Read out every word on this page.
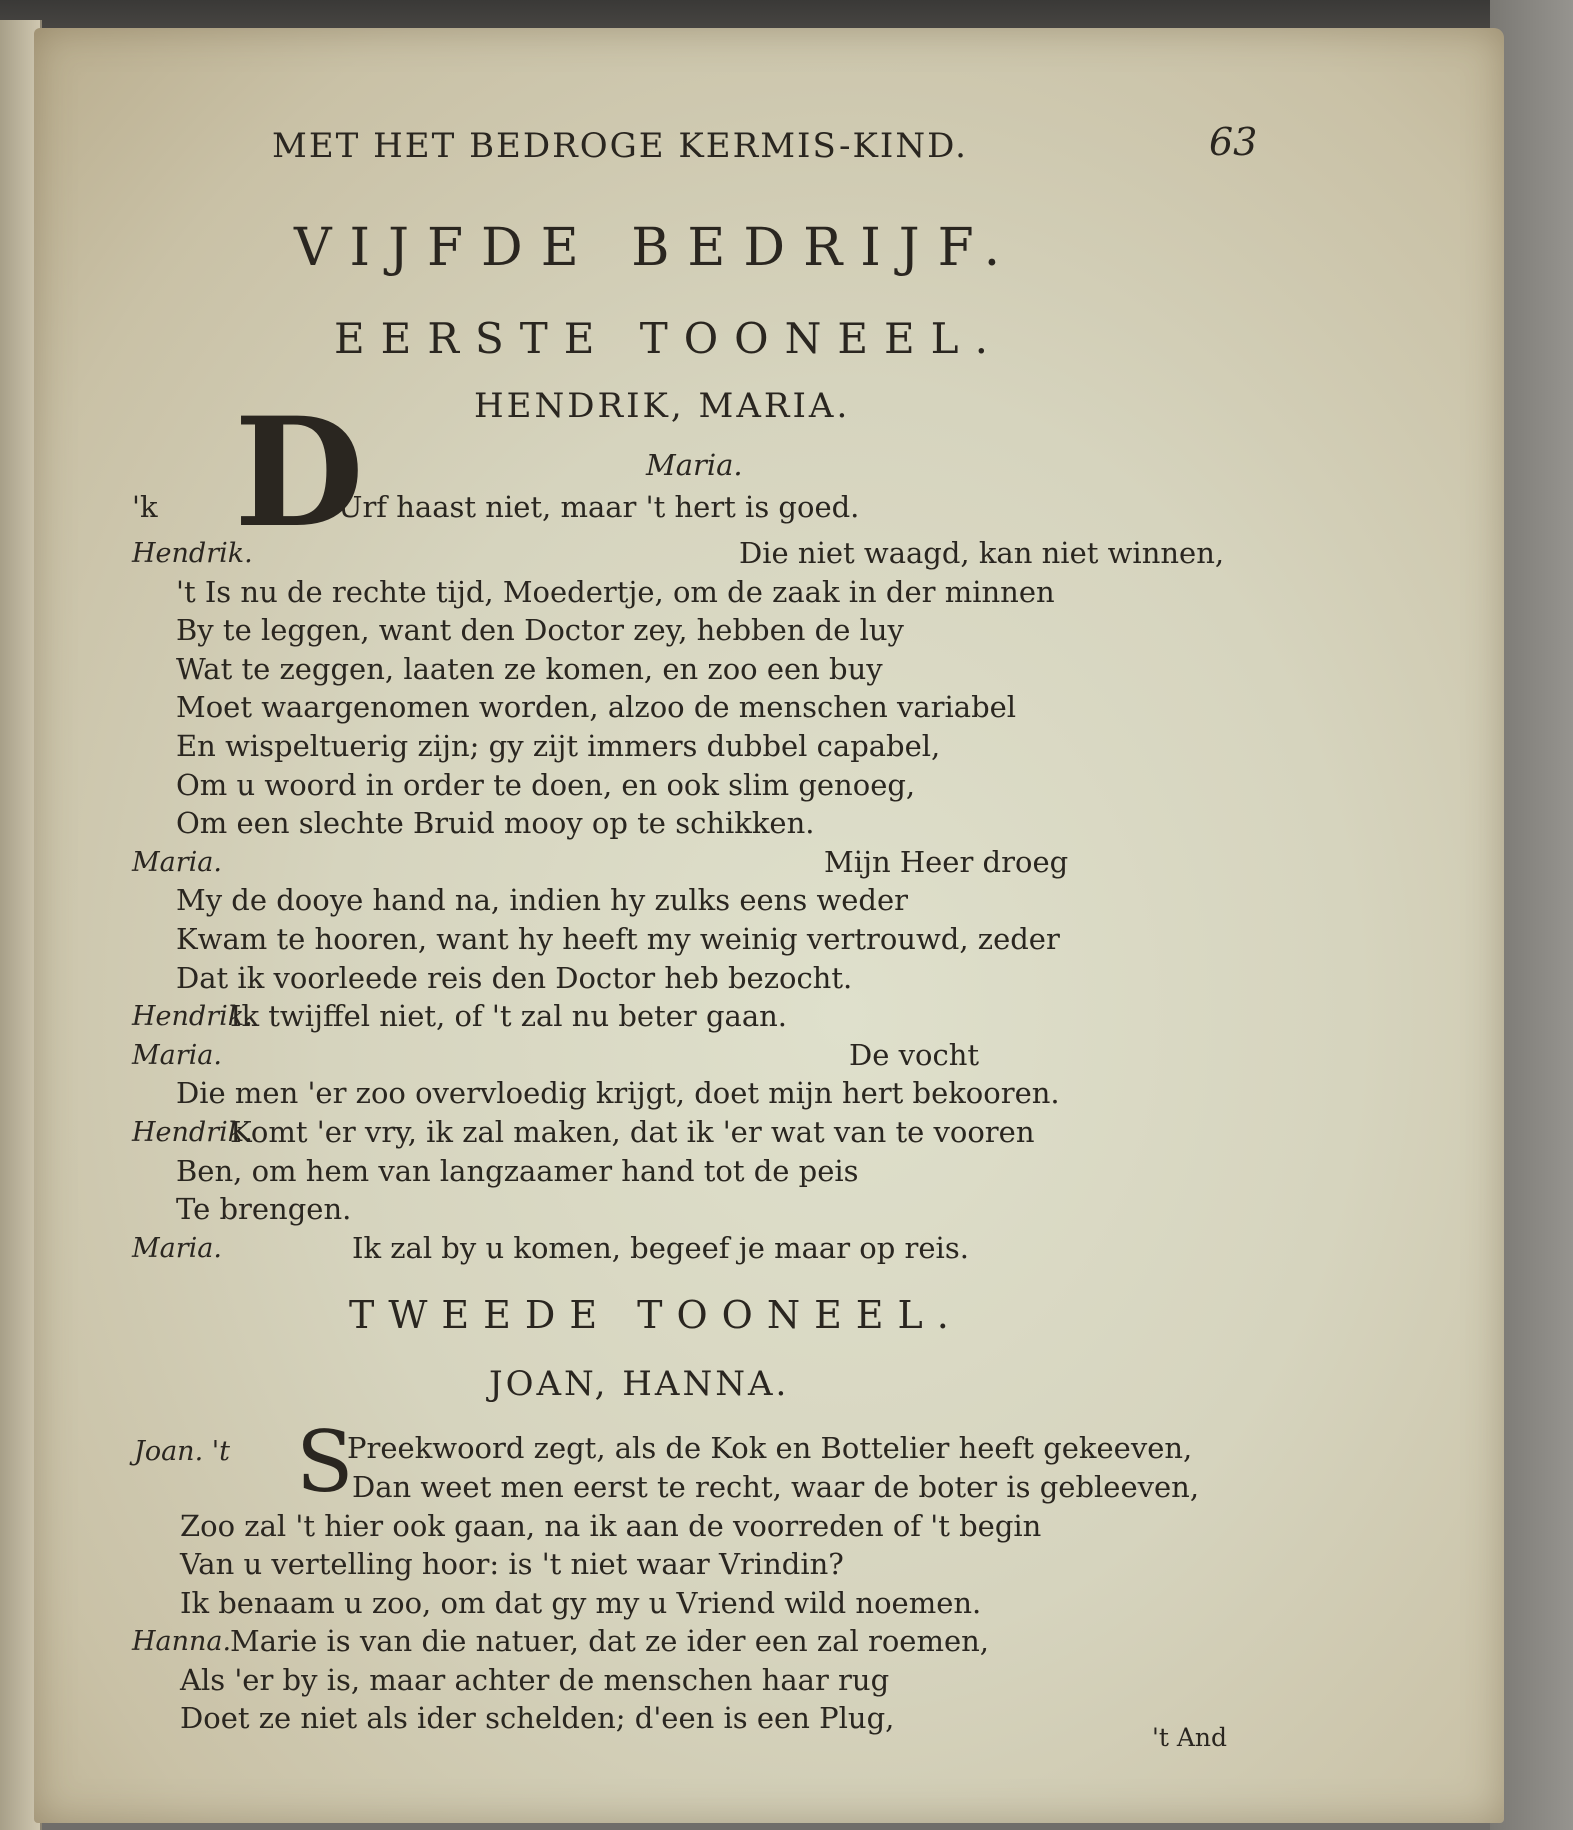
MET HET BEDROGE KERMIS-KIND.	63
VIJFDE BEDRIJF.
EERSTE TOONEEL.
HENDRIK, MARIA.
Maria.
D
'k	Urf haast niet, maar 't hert is goed.
Hendrik.	Die niet waagd, kan niet winnen,
't Is nu de rechte tijd, Moedertje, om de zaak in der minnen
By te leggen, want den Doctor zey, hebben de luy
Wat te zeggen, laaten ze komen, en zoo een buy
Moet waargenomen worden, alzoo de menschen variabel
En wispeltuerig zijn; gy zijt immers dubbel capabel,
Om u woord in order te doen, en ook slim genoeg,
Om een slechte Bruid mooy op te schikken.
Maria.	Mijn Heer droeg
My de dooye hand na, indien hy zulks eens weder
Kwam te hooren, want hy heeft my weinig vertrouwd, zeder
Dat ik voorleede reis den Doctor heb bezocht.
Hendrik.
Ik twijffel niet, of 't zal nu beter gaan.
Maria.	De vocht
Die men 'er zoo overvloedig krijgt, doet mijn hert bekooren.
Hendrik.
Komt 'er vry, ik zal maken, dat ik 'er wat van te vooren
Ben, om hem van langzaamer hand tot de peis
Te brengen.
Maria.	Ik zal by u komen, begeef je maar op reis.
TWEEDE TOONEEL.
JOAN, HANNA.
Joan. 't S
Preekwoord zegt, als de Kok en Bottelier heeft gekeeven,
Dan weet men eerst te recht, waar de boter is gebleeven,
Zoo zal 't hier ook gaan, na ik aan de voorreden of 't begin
Van u vertelling hoor: is 't niet waar Vrindin?
Ik benaam u zoo, om dat gy my u Vriend wild noemen.
Hanna.
Marie is van die natuer, dat ze ider een zal roemen,
Als 'er by is, maar achter de menschen haar rug
Doet ze niet als ider schelden; d'een is een Plug,
't And
